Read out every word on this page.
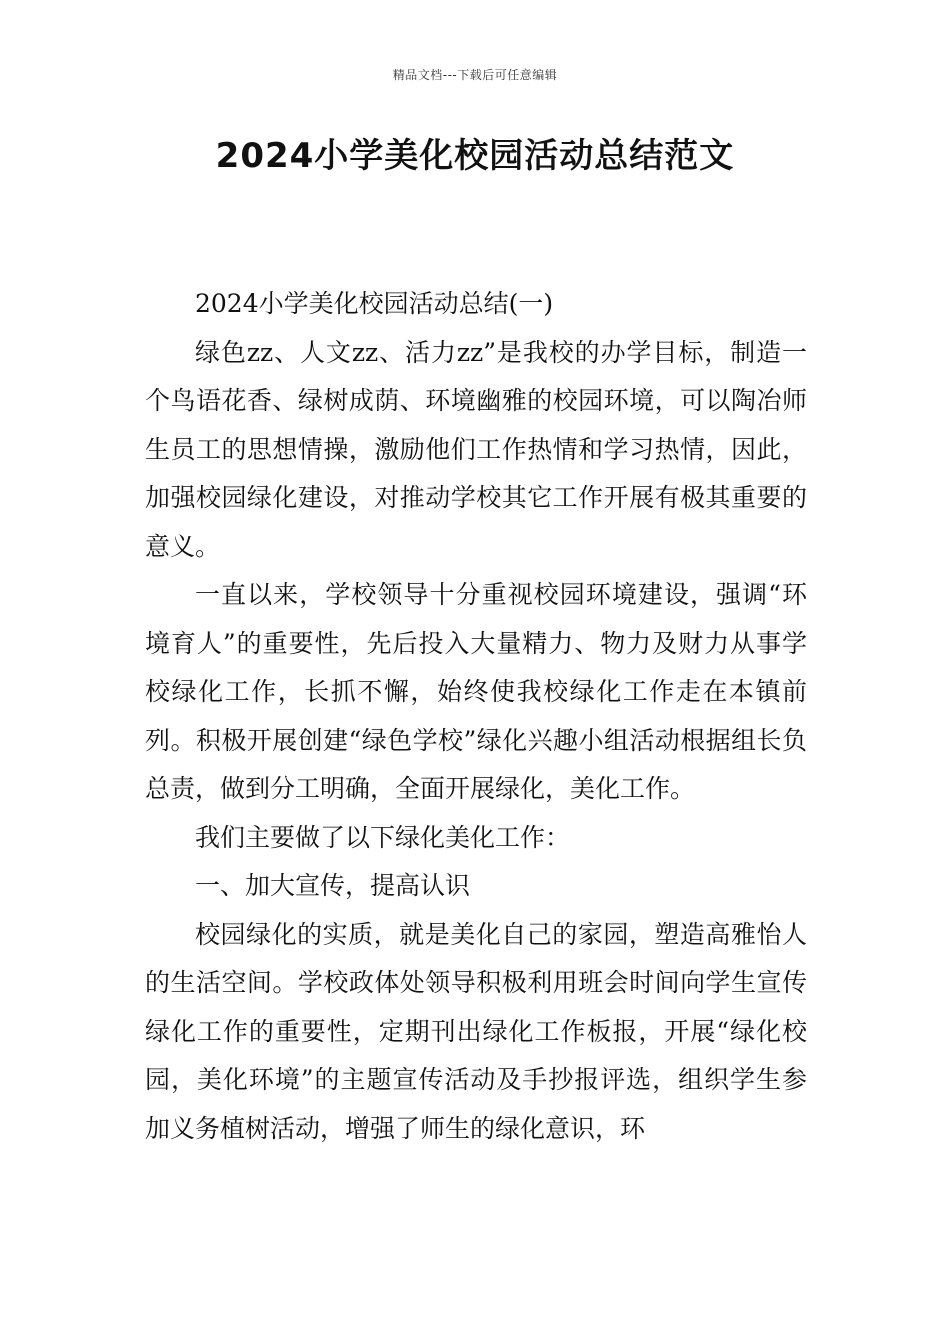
精品文档---下载后可任意编辑
2024小学美化校园活动总结范文

2024小学美化校园活动总结(一)

绿色zz、人文zz、活力zz”是我校的办学目标，制造一个鸟语花香、绿树成荫、环境幽雅的校园环境，可以陶冶师生员工的思想情操，激励他们工作热情和学习热情，因此，加强校园绿化建设，对推动学校其它工作开展有极其重要的意义。

一直以来，学校领导十分重视校园环境建设，强调“环境育人”的重要性，先后投入大量精力、物力及财力从事学校绿化工作，长抓不懈，始终使我校绿化工作走在本镇前列。积极开展创建“绿色学校”绿化兴趣小组活动根据组长负总责，做到分工明确，全面开展绿化，美化工作。

我们主要做了以下绿化美化工作：

一、加大宣传，提高认识

校园绿化的实质，就是美化自己的家园，塑造高雅怡人的生活空间。学校政体处领导积极利用班会时间向学生宣传绿化工作的重要性，定期刊出绿化工作板报，开展“绿化校园，美化环境”的主题宣传活动及手抄报评选，组织学生参加义务植树活动，增强了师生的绿化意识，环
